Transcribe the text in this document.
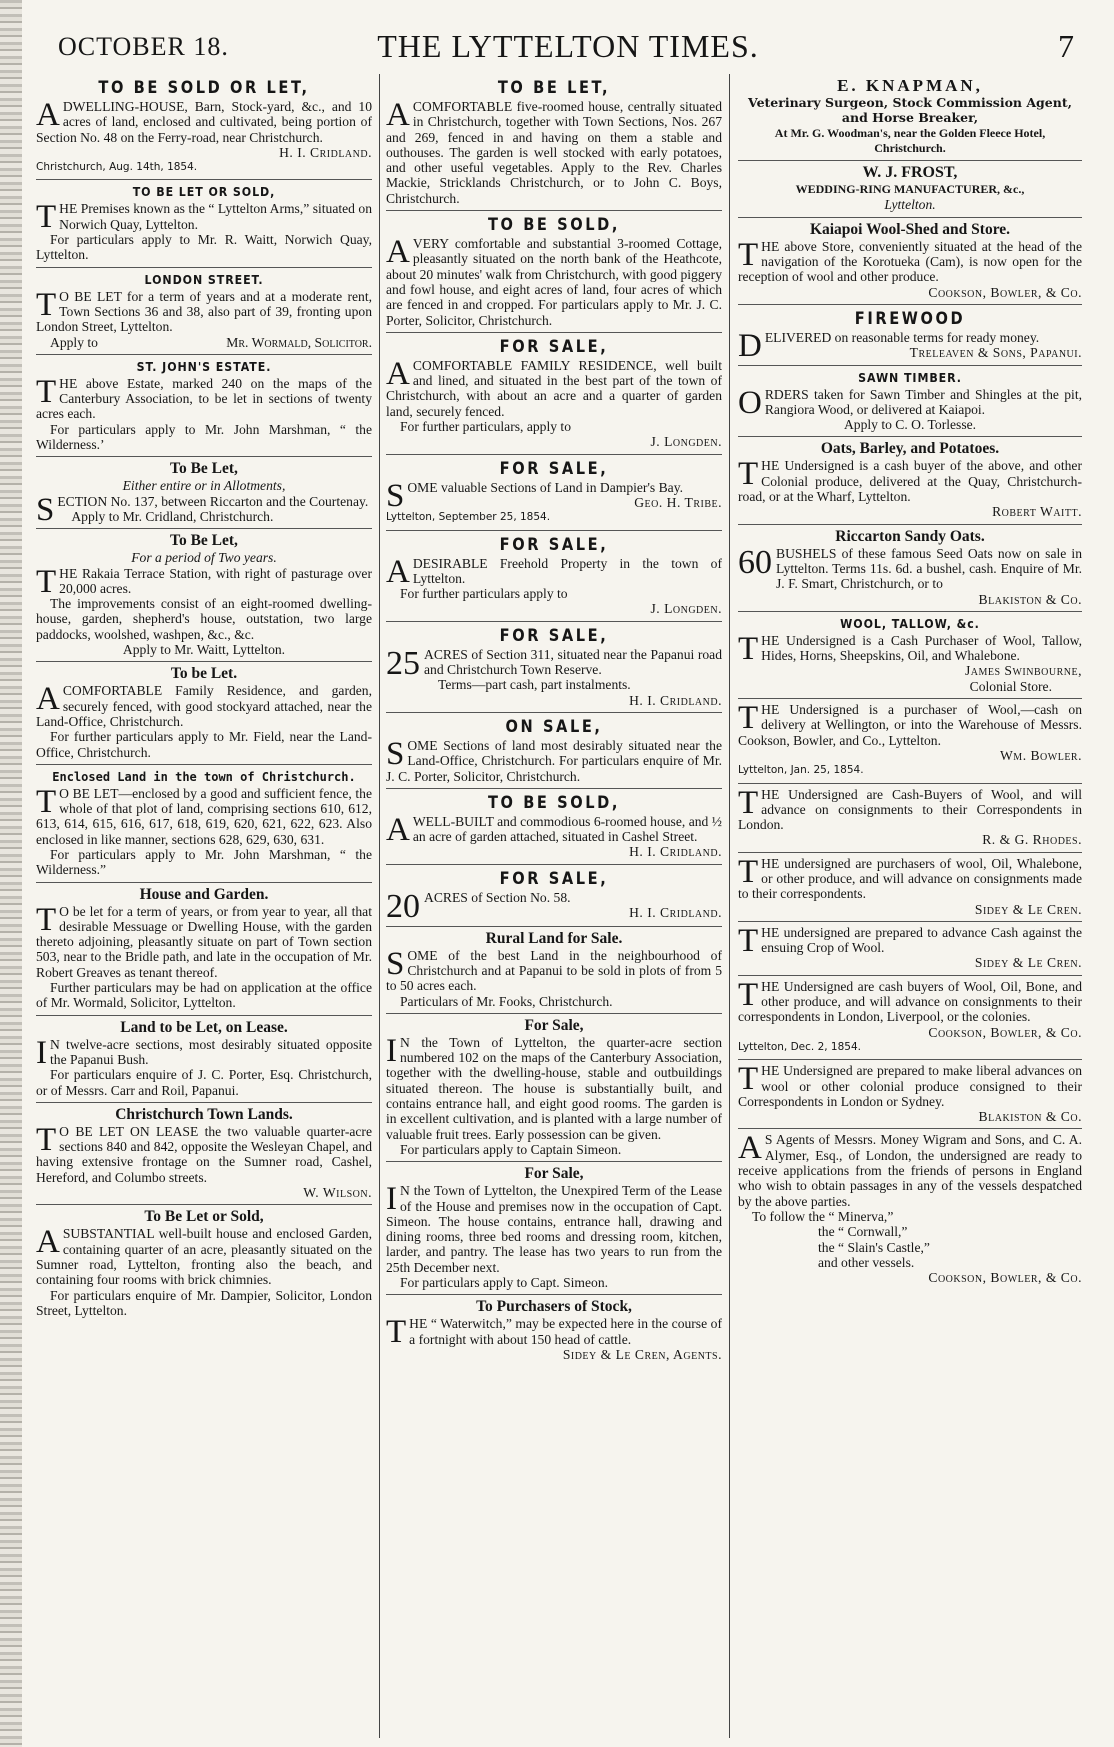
OCTOBER 18.	THE LYTTELTON TIMES.	7
TO BE SOLD OR LET,

ADWELLING-HOUSE, Barn, Stock-yard, &c., and 10 acres of land, enclosed and cultivated, being portion of Section No. 48 on the Ferry-road, near Christchurch.

H. I. Cridland.
Christchurch, Aug. 14th, 1854.
TO BE LET OR SOLD,

THE Premises known as the “ Lyttelton Arms,” situated on Norwich Quay, Lyttelton.

For particulars apply to Mr. R. Waitt, Norwich Quay, Lyttelton.

LONDON STREET.

T O BE LET for a term of years and at a moderate rent, Town Sections 36 and 38, also part of 39, fronting upon London Street, Lyttelton.

Apply to	Mr. Wormald, Solicitor.
ST. JOHN'S ESTATE.

THE above Estate, marked 240 on the maps of the Canterbury Association, to be let in sections of twenty acres each.

For particulars apply to Mr. John Marshman, “ the Wilderness.’

To Be Let,
Either entire or in Allotments,

SECTION No. 137, between Riccarton and the Courtenay.

Apply to Mr. Cridland, Christchurch.

To Be Let,
For a period of Two years.

THE Rakaia Terrace Station, with right of pasturage over 20,000 acres.

The improvements consist of an eight-roomed dwelling-house, garden, shepherd's house, outstation, two large paddocks, woolshed, washpen, &c., &c.

Apply to Mr. Waitt, Lyttelton.

To be Let.

ACOMFORTABLE Family Residence, and garden, securely fenced, with good stockyard attached, near the Land-Office, Christchurch.

For further particulars apply to Mr. Field, near the Land-Office, Christchurch.

Enclosed Land in the town of Christchurch.

T O BE LET—enclosed by a good and sufficient fence, the whole of that plot of land, comprising sections 610, 612, 613, 614, 615, 616, 617, 618, 619, 620, 621, 622, 623. Also enclosed in like manner, sections 628, 629, 630, 631.

For particulars apply to Mr. John Marshman, “ the Wilderness.”

House and Garden.

T O be let for a term of years, or from year to year, all that desirable Messuage or Dwelling House, with the garden thereto adjoining, pleasantly situate on part of Town section 503, near to the Bridle path, and late in the occupation of Mr. Robert Greaves as tenant thereof.

Further particulars may be had on application at the office of Mr. Wormald, Solicitor, Lyttelton.

Land to be Let, on Lease.

I N twelve-acre sections, most desirably situated opposite the Papanui Bush.

For particulars enquire of J. C. Porter, Esq. Christchurch, or of Messrs. Carr and Roil, Papanui.

Christchurch Town Lands.

T O BE LET ON LEASE the two valuable quarter-acre sections 840 and 842, opposite the Wesleyan Chapel, and having extensive frontage on the Sumner road, Cashel, Hereford, and Columbo streets.

W. Wilson.
To Be Let or Sold,

ASUBSTANTIAL well-built house and enclosed Garden, containing quarter of an acre, pleasantly situated on the Sumner road, Lyttelton, fronting also the beach, and containing four rooms with brick chimnies.

For particulars enquire of Mr. Dampier, Solicitor, London Street, Lyttelton.

TO BE LET,

ACOMFORTABLE five-roomed house, centrally situated in Christchurch, together with Town Sections, Nos. 267 and 269, fenced in and having on them a stable and outhouses. The garden is well stocked with early potatoes, and other useful vegetables. Apply to the Rev. Charles Mackie, Stricklands Christchurch, or to John C. Boys, Christchurch.

TO BE SOLD,

AVERY comfortable and substantial 3-roomed Cottage, pleasantly situated on the north bank of the Heathcote, about 20 minutes' walk from Christchurch, with good piggery and fowl house, and eight acres of land, four acres of which are fenced in and cropped. For particulars apply to Mr. J. C. Porter, Solicitor, Christchurch.

FOR SALE,

ACOMFORTABLE FAMILY RESIDENCE, well built and lined, and situated in the best part of the town of Christchurch, with about an acre and a quarter of garden land, securely fenced.

For further particulars, apply to

J. Longden.
FOR SALE,

SOME valuable Sections of Land in Dampier's Bay.

Geo. H. Tribe.
Lyttelton, September 25, 1854.
FOR SALE,

ADESIRABLE Freehold Property in the town of Lyttelton.

For further particulars apply to

J. Longden.
FOR SALE,

25 ACRES of Section 311, situated near the Papanui road and Christchurch Town Reserve.

Terms—part cash, part instalments.

H. I. Cridland.
ON SALE,

SOME Sections of land most desirably situated near the Land-Office, Christchurch. For particulars enquire of Mr. J. C. Porter, Solicitor, Christchurch.

TO BE SOLD,

AWELL-BUILT and commodious 6-roomed house, and ½ an acre of garden attached, situated in Cashel Street.

H. I. Cridland.
FOR SALE,

20 ACRES of Section No. 58.

H. I. Cridland.
Rural Land for Sale.

SOME of the best Land in the neighbourhood of Christchurch and at Papanui to be sold in plots of from 5 to 50 acres each.

Particulars of Mr. Fooks, Christchurch.

For Sale,

I N the Town of Lyttelton, the quarter-acre section numbered 102 on the maps of the Canterbury Association, together with the dwelling-house, stable and outbuildings situated thereon. The house is substantially built, and contains entrance hall, and eight good rooms. The garden is in excellent cultivation, and is planted with a large number of valuable fruit trees. Early possession can be given.

For particulars apply to Captain Simeon.

For Sale,

I N the Town of Lyttelton, the Unexpired Term of the Lease of the House and premises now in the occupation of Capt. Simeon. The house contains, entrance hall, drawing and dining rooms, three bed rooms and dressing room, kitchen, larder, and pantry. The lease has two years to run from the 25th December next.

For particulars apply to Capt. Simeon.

To Purchasers of Stock,

THE “ Waterwitch,” may be expected here in the course of a fortnight with about 150 head of cattle.

Sidey & Le Cren, Agents.
E. KNAPMAN,
Veterinary Surgeon, Stock Commission Agent,
and Horse Breaker,
At Mr. G. Woodman's, near the Golden Fleece Hotel, Christchurch.
W. J. FROST,
WEDDING-RING MANUFACTURER, &c.,
Lyttelton.
Kaiapoi Wool-Shed and Store.

THE above Store, conveniently situated at the head of the navigation of the Korotueka (Cam), is now open for the reception of wool and other produce.

Cookson, Bowler, & Co.
FIREWOOD

DELIVERED on reasonable terms for ready money.

Treleaven & Sons, Papanui.
SAWN TIMBER.

ORDERS taken for Sawn Timber and Shingles at the pit, Rangiora Wood, or delivered at Kaiapoi.

Apply to C. O. Torlesse.

Oats, Barley, and Potatoes.

THE Undersigned is a cash buyer of the above, and other Colonial produce, delivered at the Quay, Christchurch-road, or at the Wharf, Lyttelton.

Robert Waitt.
Riccarton Sandy Oats.

60 BUSHELS of these famous Seed Oats now on sale in Lyttelton. Terms 11s. 6d. a bushel, cash. Enquire of Mr. J. F. Smart, Christchurch, or to

Blakiston & Co.
WOOL, TALLOW, &c.

THE Undersigned is a Cash Purchaser of Wool, Tallow, Hides, Horns, Sheepskins, Oil, and Whalebone.

James Swinbourne,
Colonial Store.

THE Undersigned is a purchaser of Wool,—cash on delivery at Wellington, or into the Warehouse of Messrs. Cookson, Bowler, and Co., Lyttelton.

Wm. Bowler.
Lyttelton, Jan. 25, 1854.

THE Undersigned are Cash-Buyers of Wool, and will advance on consignments to their Correspondents in London.

R. & G. Rhodes.

THE undersigned are purchasers of wool, Oil, Whalebone, or other produce, and will advance on consignments made to their correspondents.

Sidey & Le Cren.

THE undersigned are prepared to advance Cash against the ensuing Crop of Wool.

Sidey & Le Cren.

THE Undersigned are cash buyers of Wool, Oil, Bone, and other produce, and will advance on consignments to their correspondents in London, Liverpool, or the colonies.

Cookson, Bowler, & Co.
Lyttelton, Dec. 2, 1854.

THE Undersigned are prepared to make liberal advances on wool or other colonial produce consigned to their Correspondents in London or Sydney.

Blakiston & Co.

A S Agents of Messrs. Money Wigram and Sons, and C. A. Alymer, Esq., of London, the undersigned are ready to receive applications from the friends of persons in England who wish to obtain passages in any of the vessels despatched by the above parties.

To follow the “ Minerva,”

the “ Cornwall,”

the “ Slain's Castle,”

and other vessels.

Cookson, Bowler, & Co.
